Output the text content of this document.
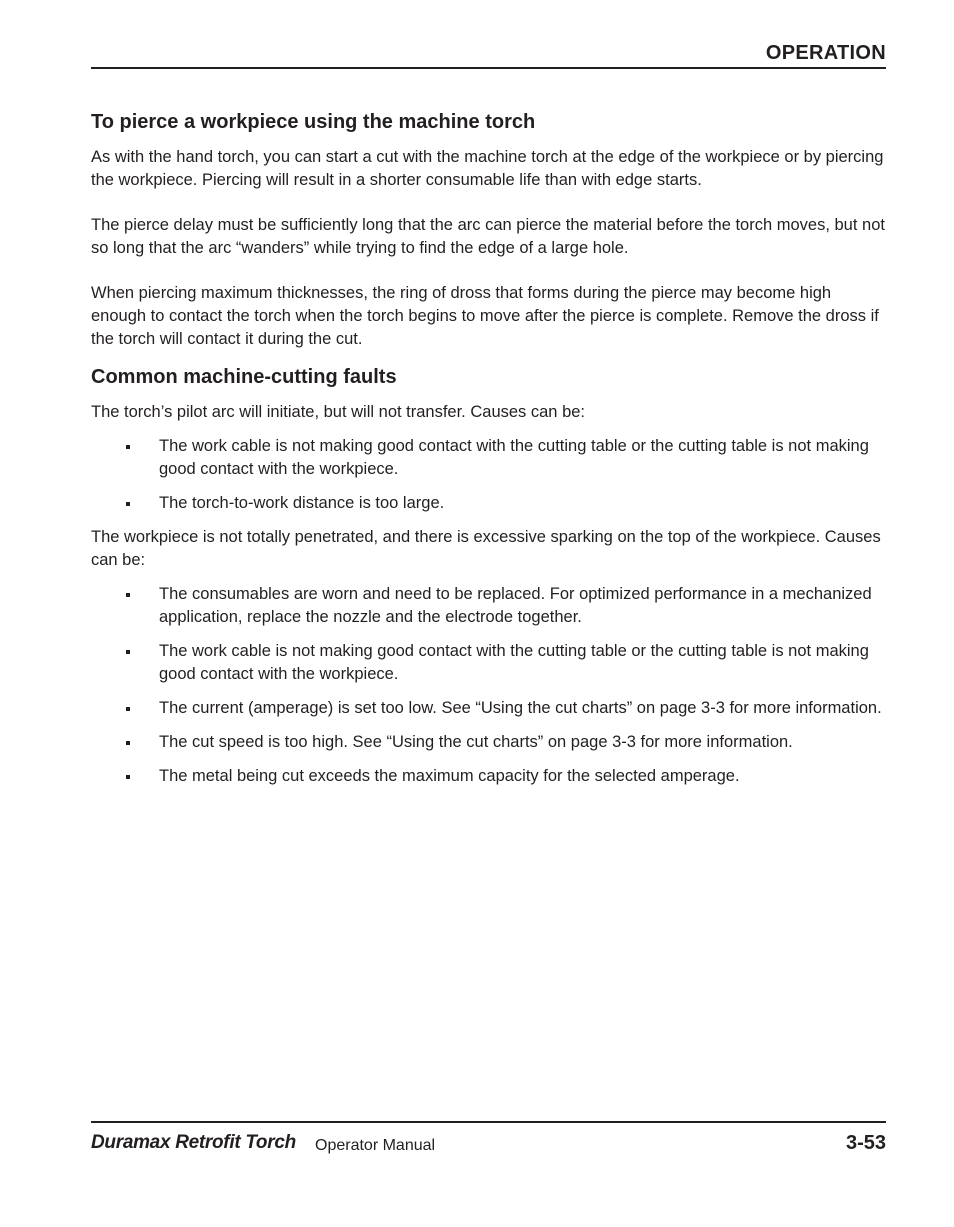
OPERATION
To pierce a workpiece using the machine torch

As with the hand torch, you can start a cut with the machine torch at the edge of the workpiece or by piercing the workpiece. Piercing will result in a shorter consumable life than with edge starts.

The pierce delay must be sufficiently long that the arc can pierce the material before the torch moves, but not so long that the arc “wanders” while trying to find the edge of a large hole.

When piercing maximum thicknesses, the ring of dross that forms during the pierce may become high enough to contact the torch when the torch begins to move after the pierce is complete. Remove the dross if the torch will contact it during the cut.

Common machine-cutting faults

The torch’s pilot arc will initiate, but will not transfer. Causes can be:

The work cable is not making good contact with the cutting table or the cutting table is not making good contact with the workpiece.
The torch-to-work distance is too large.

The workpiece is not totally penetrated, and there is excessive sparking on the top of the workpiece. Causes can be:

The consumables are worn and need to be replaced. For optimized performance in a mechanized application, replace the nozzle and the electrode together.
The work cable is not making good contact with the cutting table or the cutting table is not making good contact with the workpiece.
The current (amperage) is set too low. See “Using the cut charts” on page 3-3 for more information.
The cut speed is too high. See “Using the cut charts” on page 3-3 for more information.
The metal being cut exceeds the maximum capacity for the selected amperage.
Duramax Retrofit Torch Operator Manual	3-53
